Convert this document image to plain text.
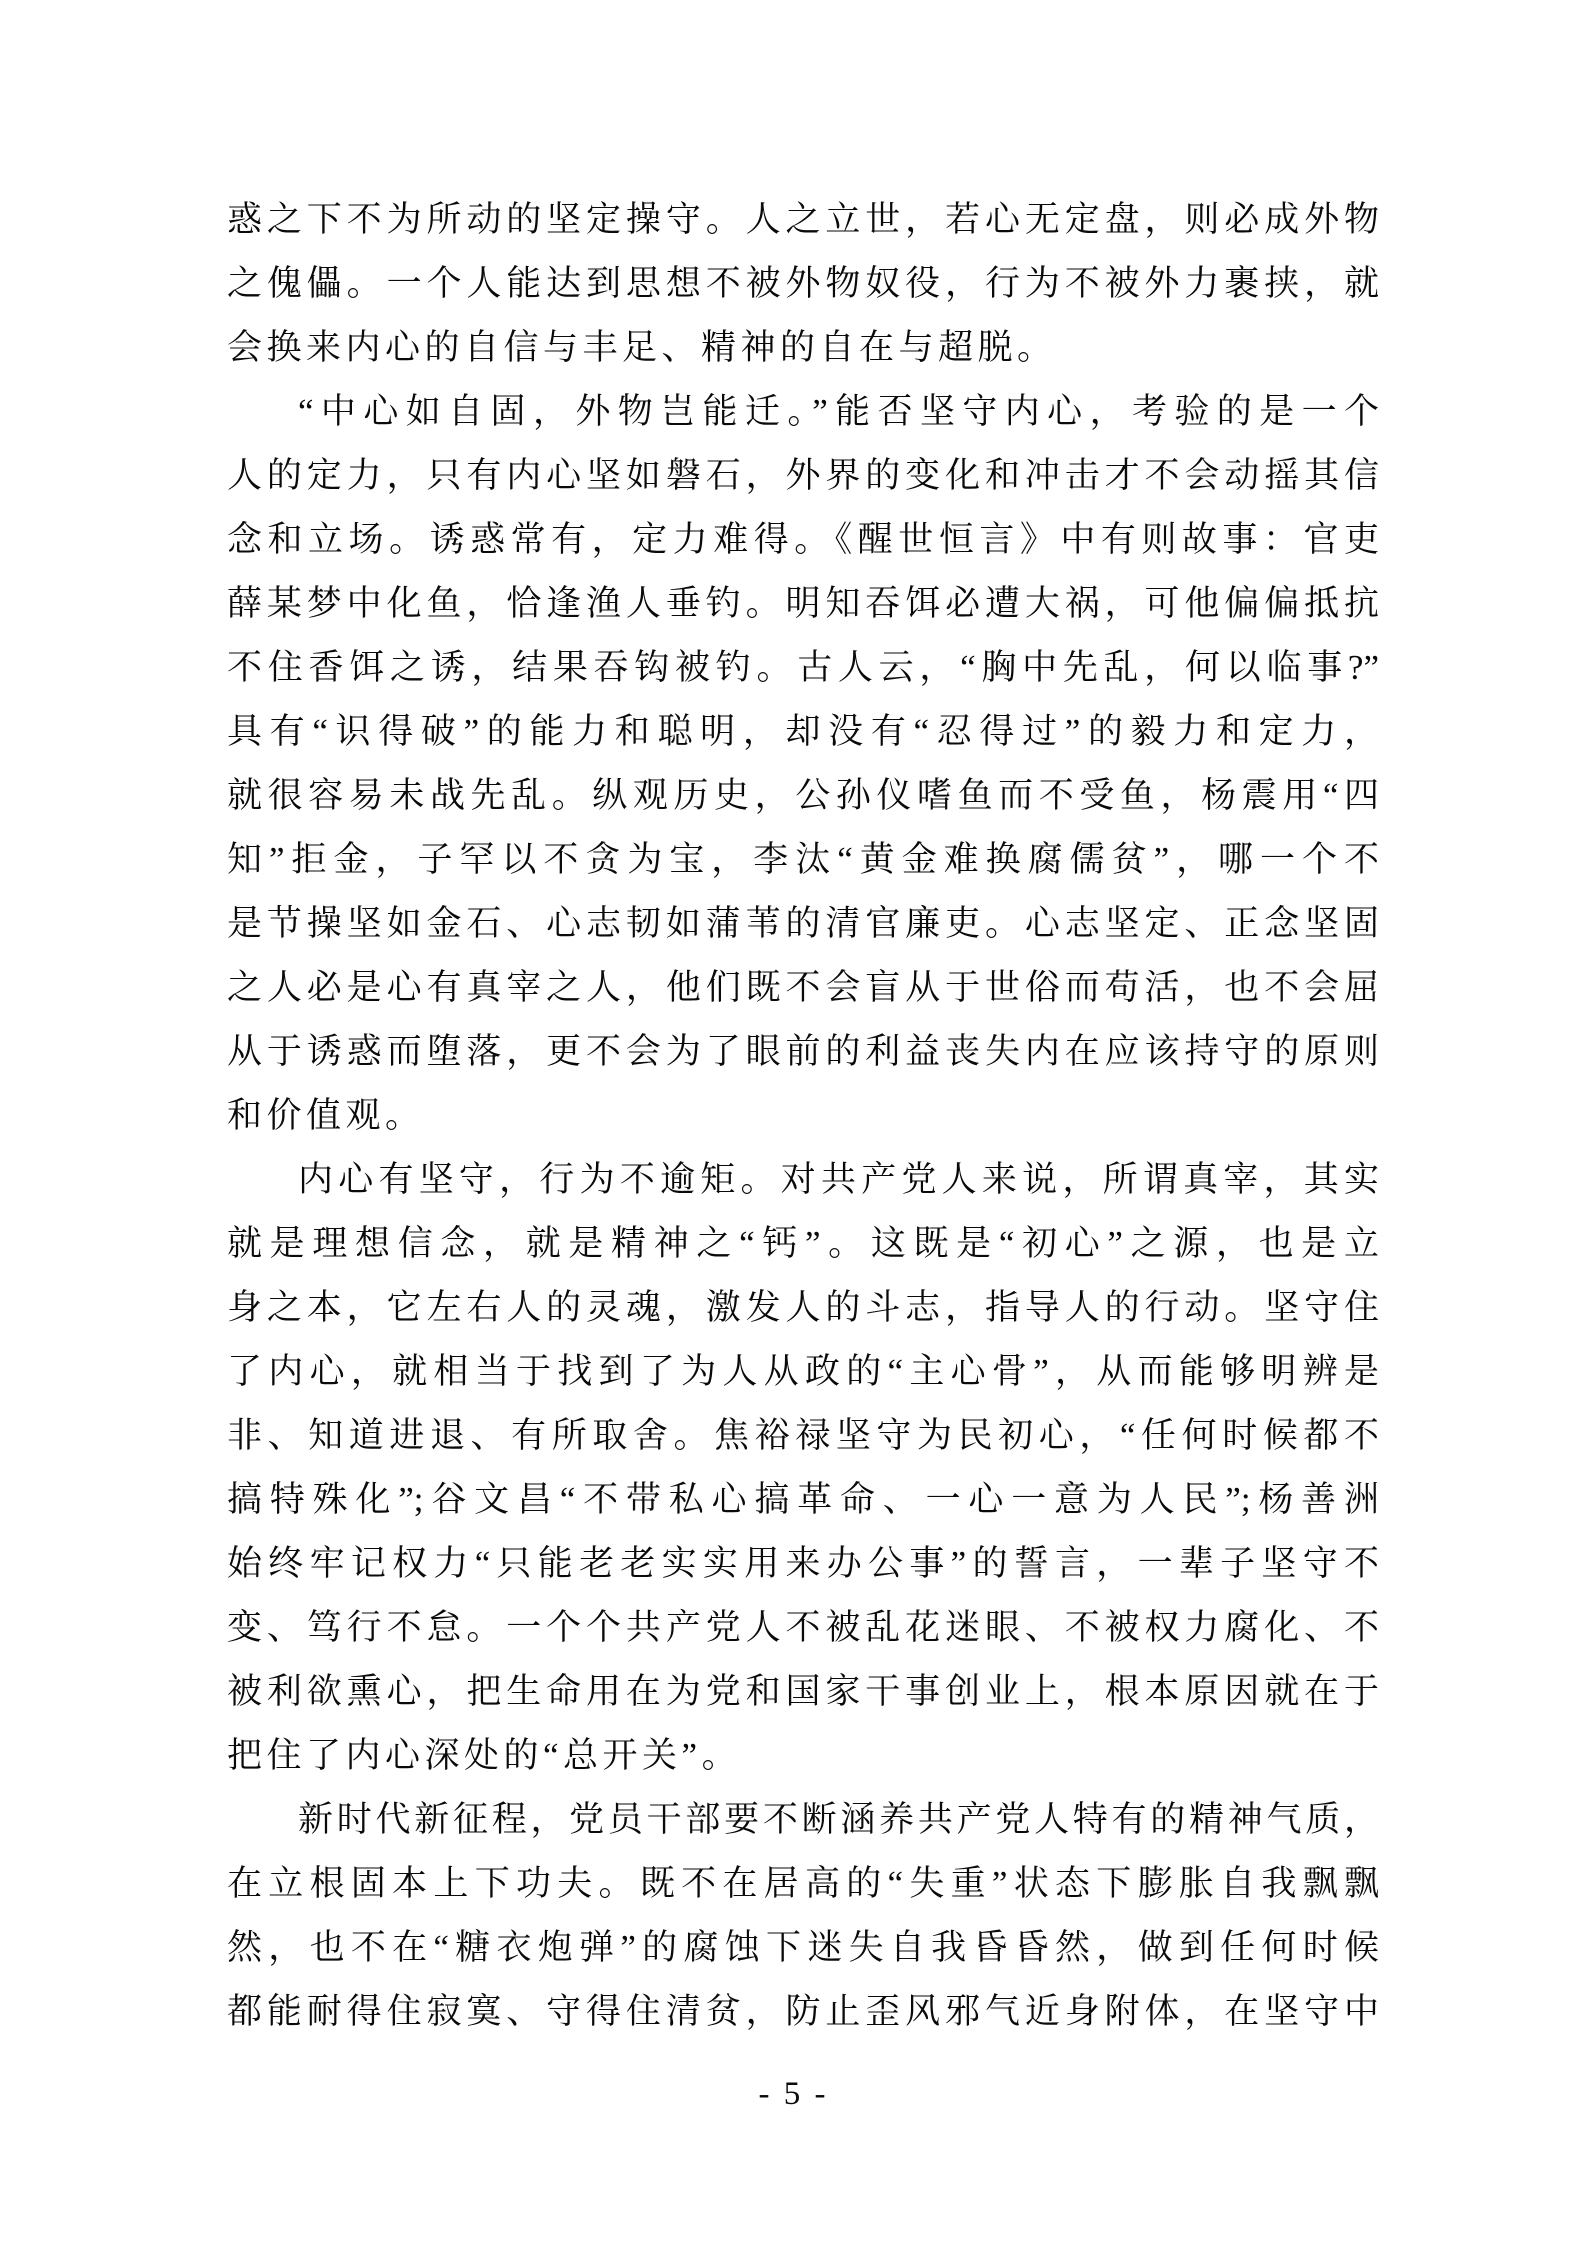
惑之下不为所动的坚定操守。人之立世，若心无定盘，则必成外物
之傀儡。一个人能达到思想不被外物奴役，行为不被外力裹挟，就
会换来内心的自信与丰足、精神的自在与超脱。
“中心如自固，外物岂能迁。”能否坚守内心，考验的是一个
人的定力，只有内心坚如磐石，外界的变化和冲击才不会动摇其信
念和立场。诱惑常有，定力难得。《醒世恒言》中有则故事：官吏
薛某梦中化鱼，恰逢渔人垂钓。明知吞饵必遭大祸，可他偏偏抵抗
不住香饵之诱，结果吞钩被钓。古人云，“胸中先乱，何以临事?”
具有“识得破”的能力和聪明，却没有“忍得过”的毅力和定力，
就很容易未战先乱。纵观历史，公孙仪嗜鱼而不受鱼，杨震用“四
知”拒金，子罕以不贪为宝，李汰“黄金难换腐儒贫”，哪一个不
是节操坚如金石、心志韧如蒲苇的清官廉吏。心志坚定、正念坚固
之人必是心有真宰之人，他们既不会盲从于世俗而苟活，也不会屈
从于诱惑而堕落，更不会为了眼前的利益丧失内在应该持守的原则
和价值观。
内心有坚守，行为不逾矩。对共产党人来说，所谓真宰，其实
就是理想信念，就是精神之“钙”。这既是“初心”之源，也是立
身之本，它左右人的灵魂，激发人的斗志，指导人的行动。坚守住
了内心，就相当于找到了为人从政的“主心骨”，从而能够明辨是
非、知道进退、有所取舍。焦裕禄坚守为民初心，“任何时候都不
搞特殊化”;谷文昌“不带私心搞革命、一心一意为人民”;杨善洲
始终牢记权力“只能老老实实用来办公事”的誓言，一辈子坚守不
变、笃行不怠。一个个共产党人不被乱花迷眼、不被权力腐化、不
被利欲熏心，把生命用在为党和国家干事创业上，根本原因就在于
把住了内心深处的“总开关”。
新时代新征程，党员干部要不断涵养共产党人特有的精神气质，
在立根固本上下功夫。既不在居高的“失重”状态下膨胀自我飘飘
然，也不在“糖衣炮弹”的腐蚀下迷失自我昏昏然，做到任何时候
都能耐得住寂寞、守得住清贫，防止歪风邪气近身附体，在坚守中
- 5 -
